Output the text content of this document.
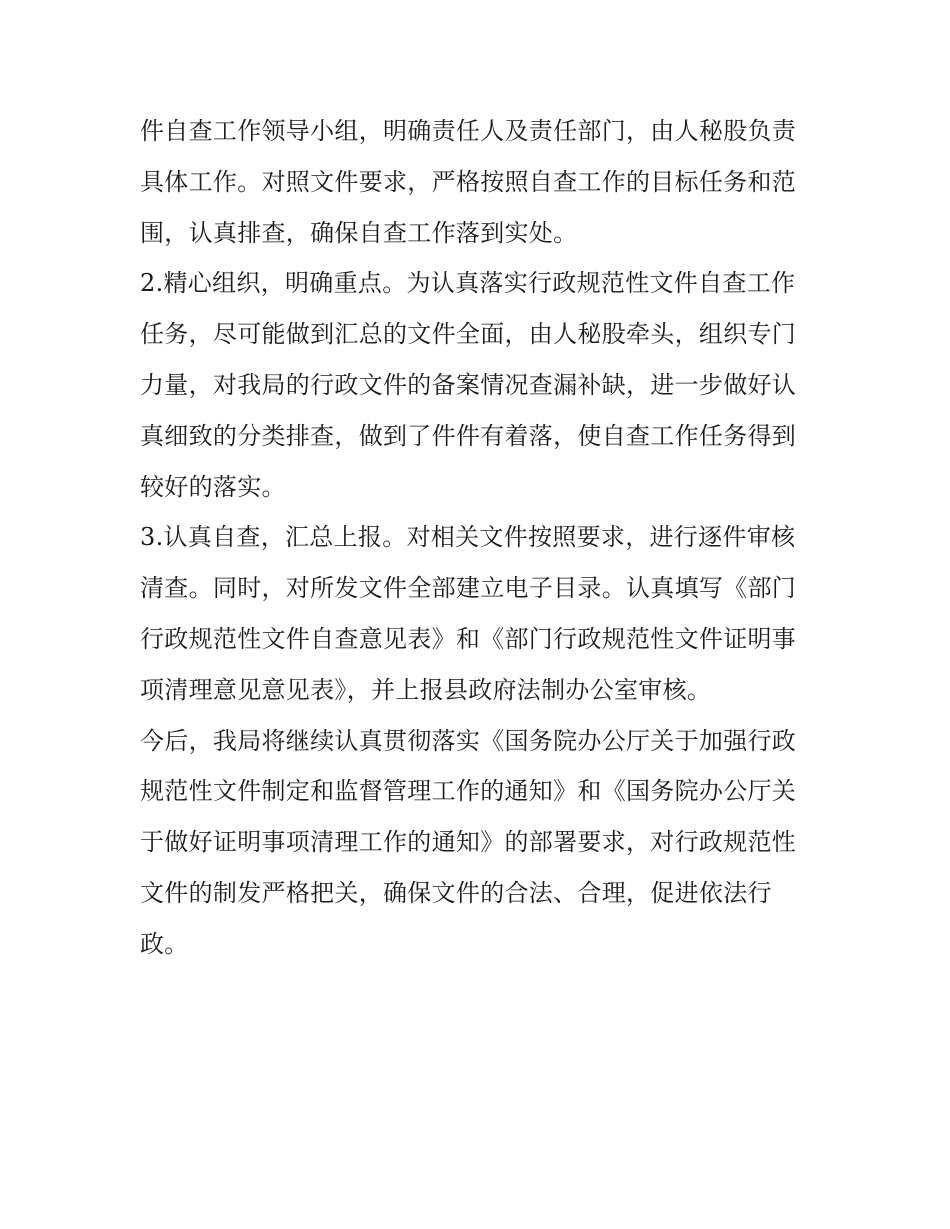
件自查工作领导小组，明确责任人及责任部门，由人秘股负责
具体工作。对照文件要求，严格按照自查工作的目标任务和范
围，认真排查，确保自查工作落到实处。
2.精心组织，明确重点。为认真落实行政规范性文件自查工作
任务，尽可能做到汇总的文件全面，由人秘股牵头，组织专门
力量，对我局的行政文件的备案情况查漏补缺，进一步做好认
真细致的分类排查，做到了件件有着落，使自查工作任务得到
较好的落实。
3.认真自查，汇总上报。对相关文件按照要求，进行逐件审核
清查。同时，对所发文件全部建立电子目录。认真填写《部门
行政规范性文件自查意见表》和《部门行政规范性文件证明事
项清理意见意见表》，并上报县政府法制办公室审核。
今后，我局将继续认真贯彻落实《国务院办公厅关于加强行政
规范性文件制定和监督管理工作的通知》和《国务院办公厅关
于做好证明事项清理工作的通知》的部署要求，对行政规范性
文件的制发严格把关，确保文件的合法、合理，促进依法行
政。
